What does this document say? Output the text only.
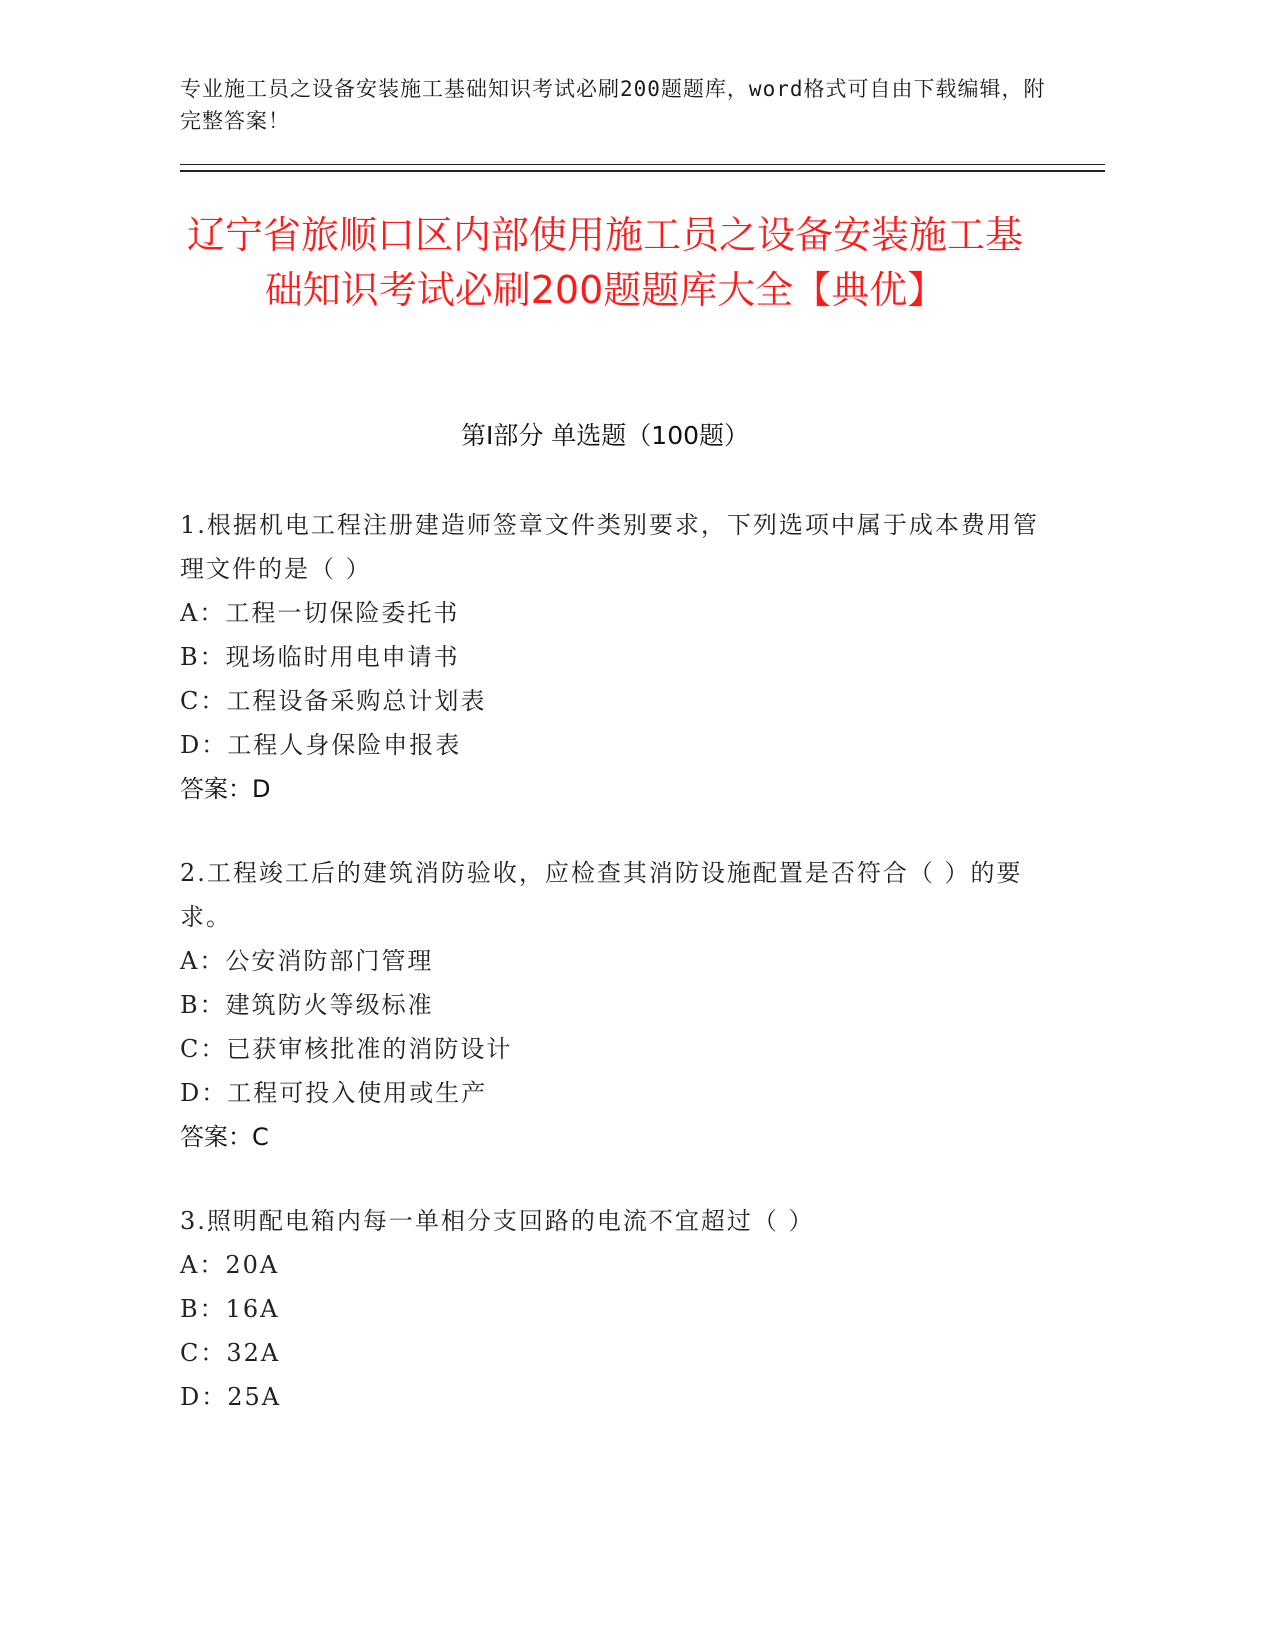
专业施工员之设备安装施工基础知识考试必刷200题题库，word格式可自由下载编辑，附完整答案！
辽宁省旅顺口区内部使用施工员之设备安装施工基础知识考试必刷200题题库大全【典优】
第Ⅰ部分 单选题（100题）
1.根据机电工程注册建造师签章文件类别要求，下列选项中属于成本费用管理文件的是（ ）
A：工程一切保险委托书
B：现场临时用电申请书
C：工程设备采购总计划表
D：工程人身保险申报表
答案：D
2.工程竣工后的建筑消防验收，应检查其消防设施配置是否符合（ ）的要求。
A：公安消防部门管理
B：建筑防火等级标准
C：已获审核批准的消防设计
D：工程可投入使用或生产
答案：C
3.照明配电箱内每一单相分支回路的电流不宜超过（ ）
A：20A
B：16A
C：32A
D：25A
